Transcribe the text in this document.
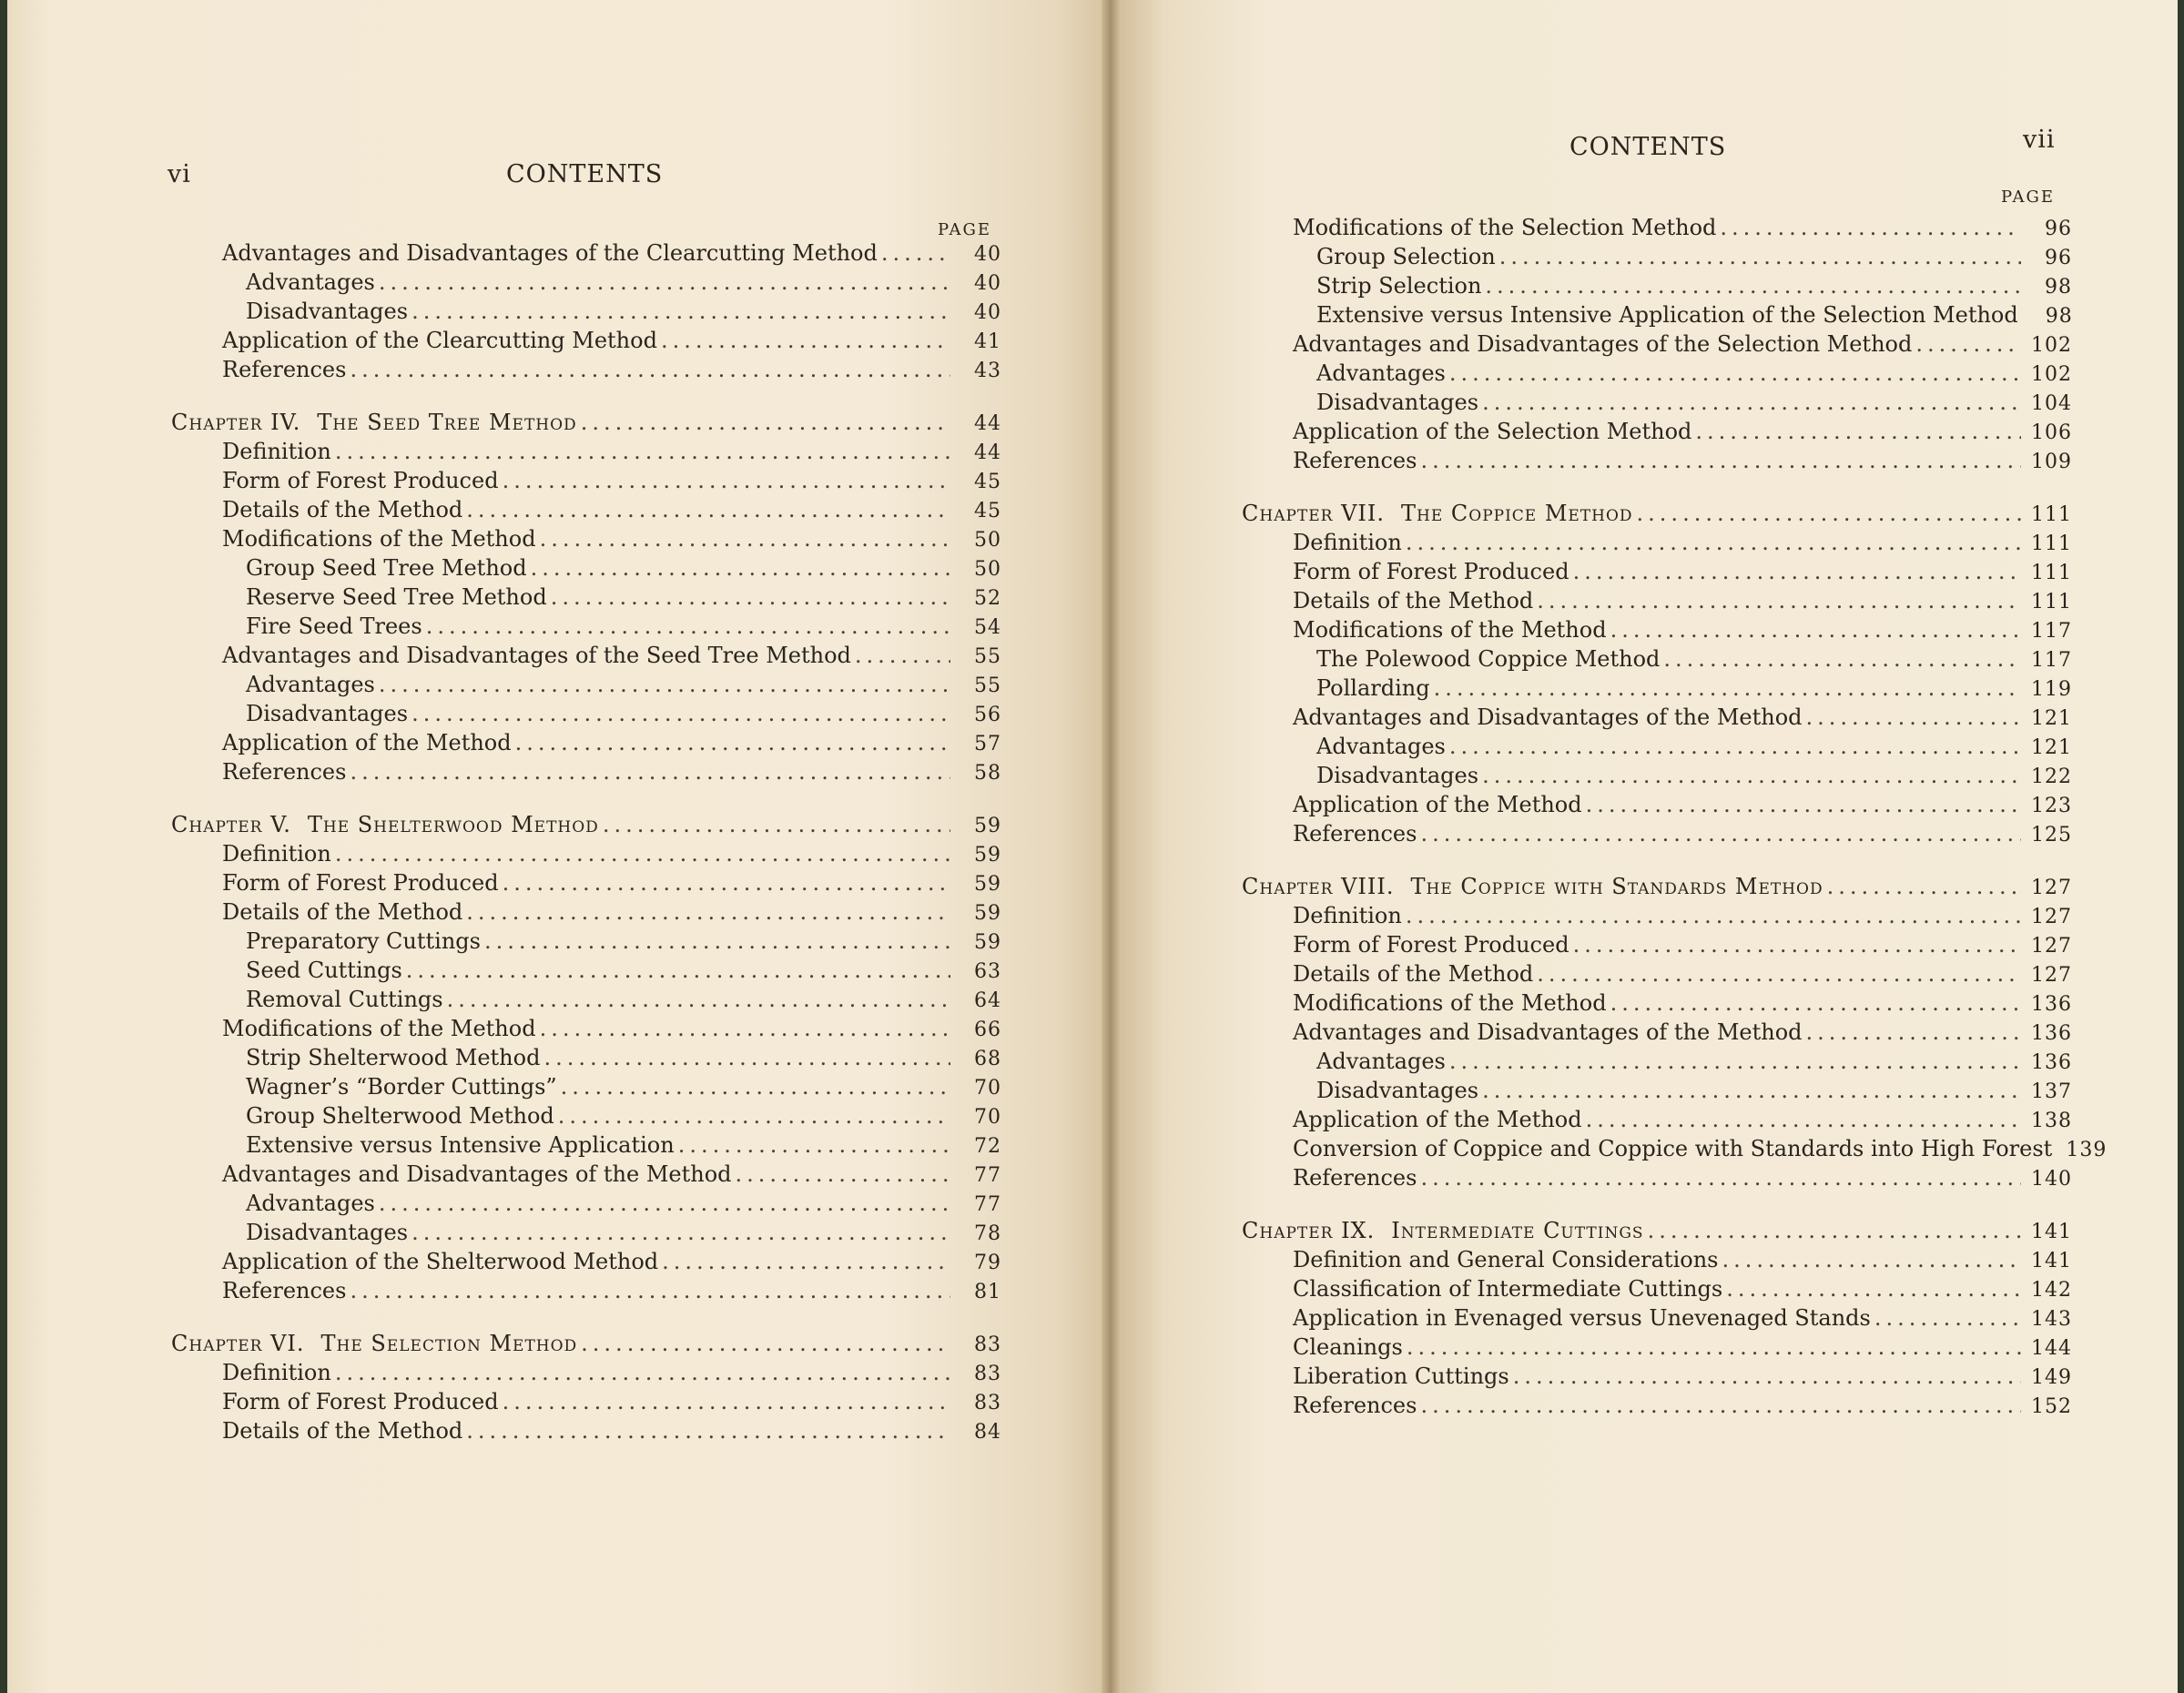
vi	CONTENTS
PAGE
Advantages and Disadvantages of the Clearcutting Method .....	40
Advantages .....	40
Disadvantages .....	40
Application of the Clearcutting Method .....	41
References .....	43
Chapter IV. The Seed Tree Method .....	44
Definition .....	44
Form of Forest Produced .....	45
Details of the Method .....	45
Modifications of the Method .....	50
Group Seed Tree Method .....	50
Reserve Seed Tree Method .....	52
Fire Seed Trees .....	54
Advantages and Disadvantages of the Seed Tree Method .....	55
Advantages .....	55
Disadvantages .....	56
Application of the Method .....	57
References .....	58
Chapter V. The Shelterwood Method .....	59
Definition .....	59
Form of Forest Produced .....	59
Details of the Method .....	59
Preparatory Cuttings .....	59
Seed Cuttings .....	63
Removal Cuttings .....	64
Modifications of the Method .....	66
Strip Shelterwood Method .....	68
Wagner’s “Border Cuttings” .....	70
Group Shelterwood Method .....	70
Extensive versus Intensive Application .....	72
Advantages and Disadvantages of the Method .....	77
Advantages .....	77
Disadvantages .....	78
Application of the Shelterwood Method .....	79
References .....	81
Chapter VI. The Selection Method .....	83
Definition .....	83
Form of Forest Produced .....	83
Details of the Method .....	84
CONTENTS	vii
PAGE
Modifications of the Selection Method .....	96
Group Selection .....	96
Strip Selection .....	98
Extensive versus Intensive Application of the Selection Method	98
Advantages and Disadvantages of the Selection Method .....	102
Advantages .....	102
Disadvantages .....	104
Application of the Selection Method .....	106
References .....	109
Chapter VII. The Coppice Method .....	111
Definition .....	111
Form of Forest Produced .....	111
Details of the Method .....	111
Modifications of the Method .....	117
The Polewood Coppice Method .....	117
Pollarding .....	119
Advantages and Disadvantages of the Method .....	121
Advantages .....	121
Disadvantages .....	122
Application of the Method .....	123
References .....	125
Chapter VIII. The Coppice with Standards Method .....	127
Definition .....	127
Form of Forest Produced .....	127
Details of the Method .....	127
Modifications of the Method .....	136
Advantages and Disadvantages of the Method .....	136
Advantages .....	136
Disadvantages .....	137
Application of the Method .....	138
Conversion of Coppice and Coppice with Standards into High Forest 139
References .....	140
Chapter IX. Intermediate Cuttings .....	141
Definition and General Considerations .....	141
Classification of Intermediate Cuttings .....	142
Application in Evenaged versus Unevenaged Stands .....	143
Cleanings .....	144
Liberation Cuttings .....	149
References .....	152
